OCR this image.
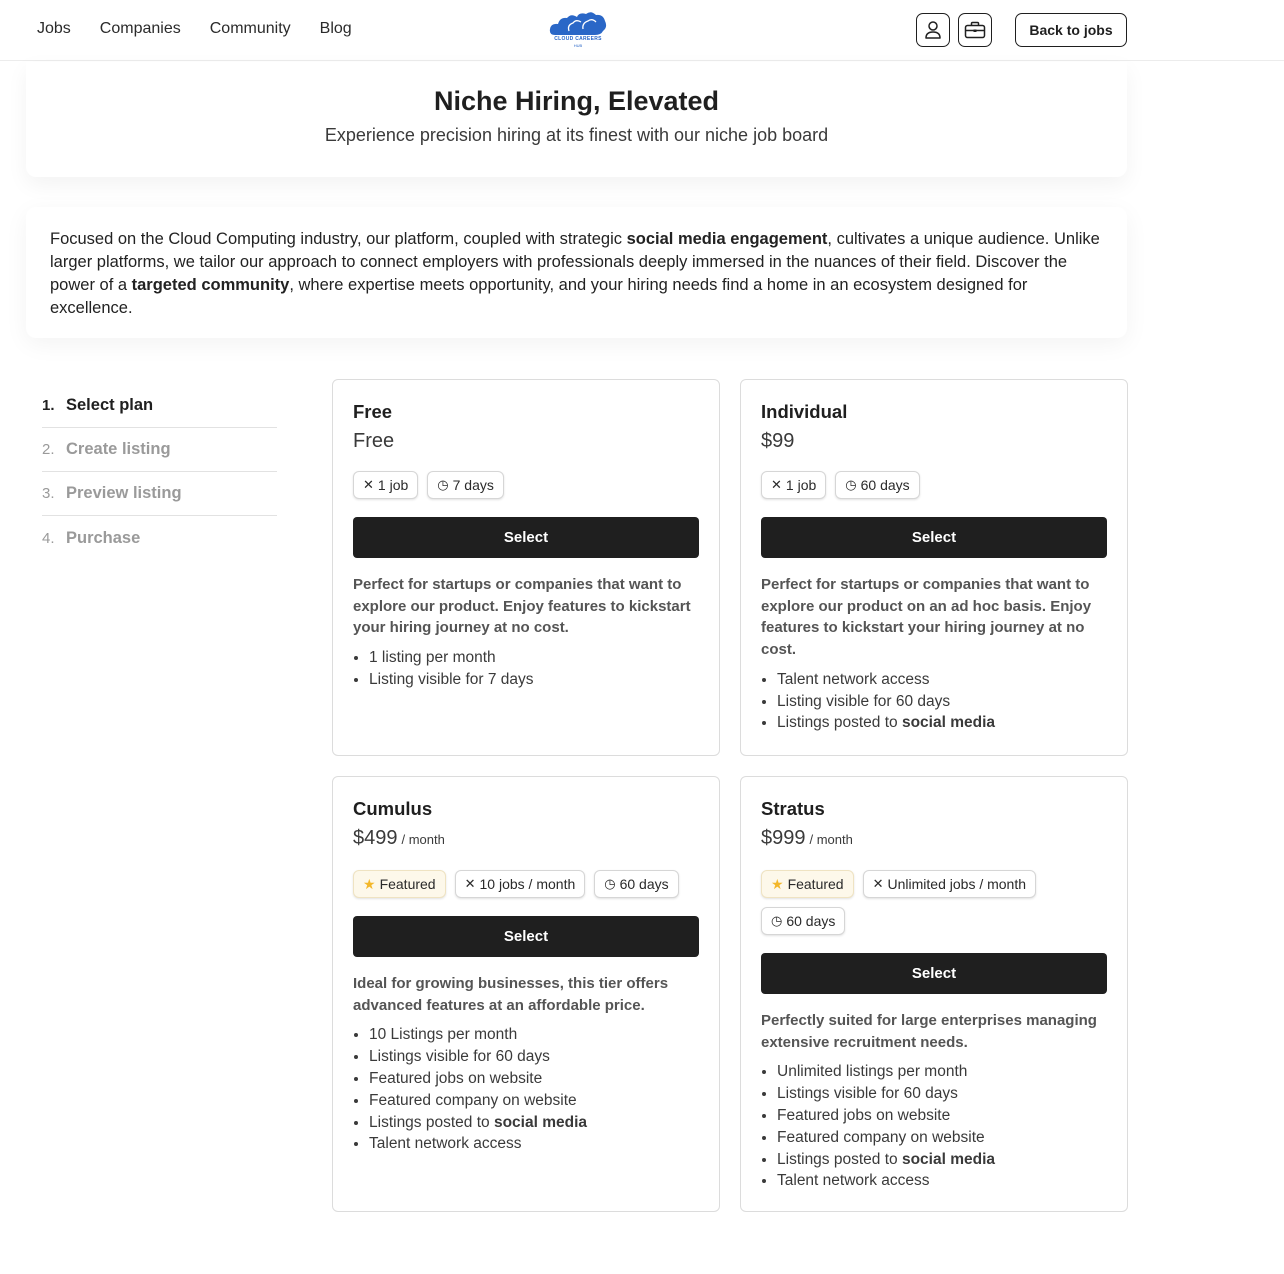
Jobs Companies Community Blog
CLOUD CAREERS
HUB
Back to jobs
Niche Hiring, Elevated

Experience precision hiring at its finest with our niche job board

Focused on the Cloud Computing industry, our platform, coupled with strategic social media engagement, cultivates a unique audience. Unlike larger platforms, we tailor our approach to connect employers with professionals deeply immersed in the nuances of their field. Discover the power of a targeted community, where expertise meets opportunity, and your hiring needs find a home in an ecosystem designed for excellence.

1. Select plan
2. Create listing
3. Preview listing
4. Purchase
Free
Free
✕ 1 job ◷ 7 days
Select
Perfect for startups or companies that want to explore our product. Enjoy features to kickstart your hiring journey at no cost.
• 1 listing per month
• Listing visible for 7 days
Individual
$99
✕ 1 job ◷ 60 days
Select
Perfect for startups or companies that want to explore our product on an ad hoc basis. Enjoy features to kickstart your hiring journey at no cost.
• Talent network access
• Listing visible for 60 days
• Listings posted to social media
Cumulus
$499 / month
★ Featured ✕ 10 jobs / month ◷ 60 days
Select
Ideal for growing businesses, this tier offers advanced features at an affordable price.
• 10 Listings per month
• Listings visible for 60 days
• Featured jobs on website
• Featured company on website
• Listings posted to social media
• Talent network access
Stratus
$999 / month
★ Featured ✕ Unlimited jobs / month
◷ 60 days
Select
Perfectly suited for large enterprises managing extensive recruitment needs.
• Unlimited listings per month
• Listings visible for 60 days
• Featured jobs on website
• Featured company on website
• Listings posted to social media
• Talent network access
